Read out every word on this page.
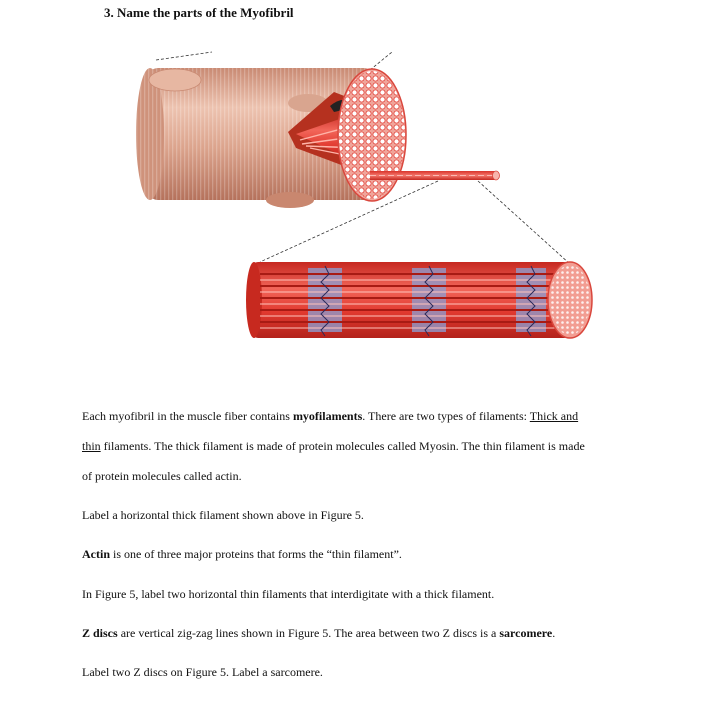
3. Name the parts of the Myofibril
Each myofibril in the muscle fiber contains myofilaments. There are two types of filaments: Thick and
thin filaments. The thick filament is made of protein molecules called Myosin. The thin filament is made
of protein molecules called actin.
Label a horizontal thick filament shown above in Figure 5.
Actin is one of three major proteins that forms the “thin filament”.
In Figure 5, label two horizontal thin filaments that interdigitate with a thick filament.
Z discs are vertical zig-zag lines shown in Figure 5. The area between two Z discs is a sarcomere.
Label two Z discs on Figure 5. Label a sarcomere.
